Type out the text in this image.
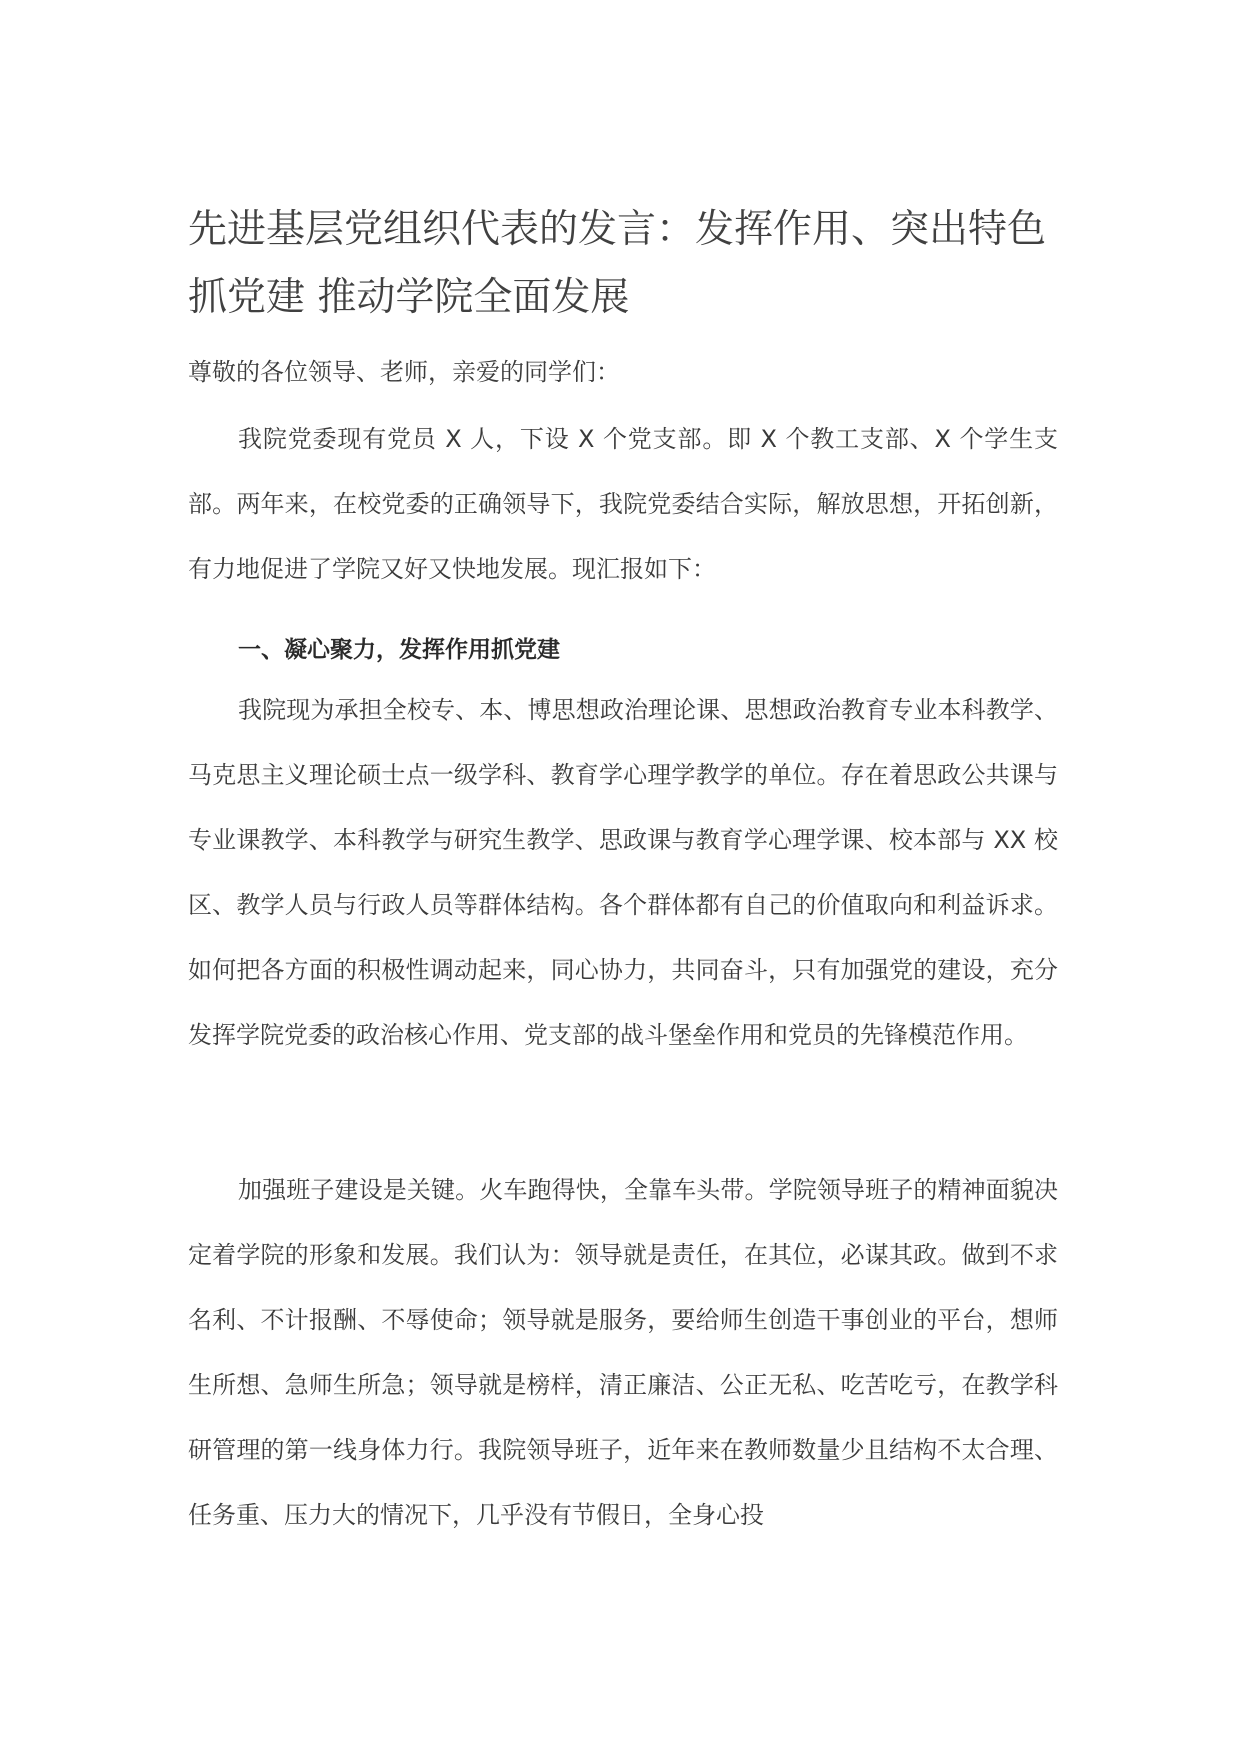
先进基层党组织代表的发言：发挥作用、突出特色抓党建 推动学院全面发展

尊敬的各位领导、老师，亲爱的同学们：

我院党委现有党员 X 人，下设 X 个党支部。即 X 个教工支部、X 个学生支部。两年来，在校党委的正确领导下，我院党委结合实际，解放思想，开拓创新，有力地促进了学院又好又快地发展。现汇报如下：

一、凝心聚力，发挥作用抓党建

我院现为承担全校专、本、博思想政治理论课、思想政治教育专业本科教学、马克思主义理论硕士点一级学科、教育学心理学教学的单位。存在着思政公共课与专业课教学、本科教学与研究生教学、思政课与教育学心理学课、校本部与 XX 校区、教学人员与行政人员等群体结构。各个群体都有自己的价值取向和利益诉求。如何把各方面的积极性调动起来，同心协力，共同奋斗，只有加强党的建设，充分发挥学院党委的政治核心作用、党支部的战斗堡垒作用和党员的先锋模范作用。

加强班子建设是关键。火车跑得快，全靠车头带。学院领导班子的精神面貌决定着学院的形象和发展。我们认为：领导就是责任，在其位，必谋其政。做到不求名利、不计报酬、不辱使命；领导就是服务，要给师生创造干事创业的平台，想师生所想、急师生所急；领导就是榜样，清正廉洁、公正无私、吃苦吃亏，在教学科研管理的第一线身体力行。我院领导班子，近年来在教师数量少且结构不太合理、任务重、压力大的情况下，几乎没有节假日，全身心投
